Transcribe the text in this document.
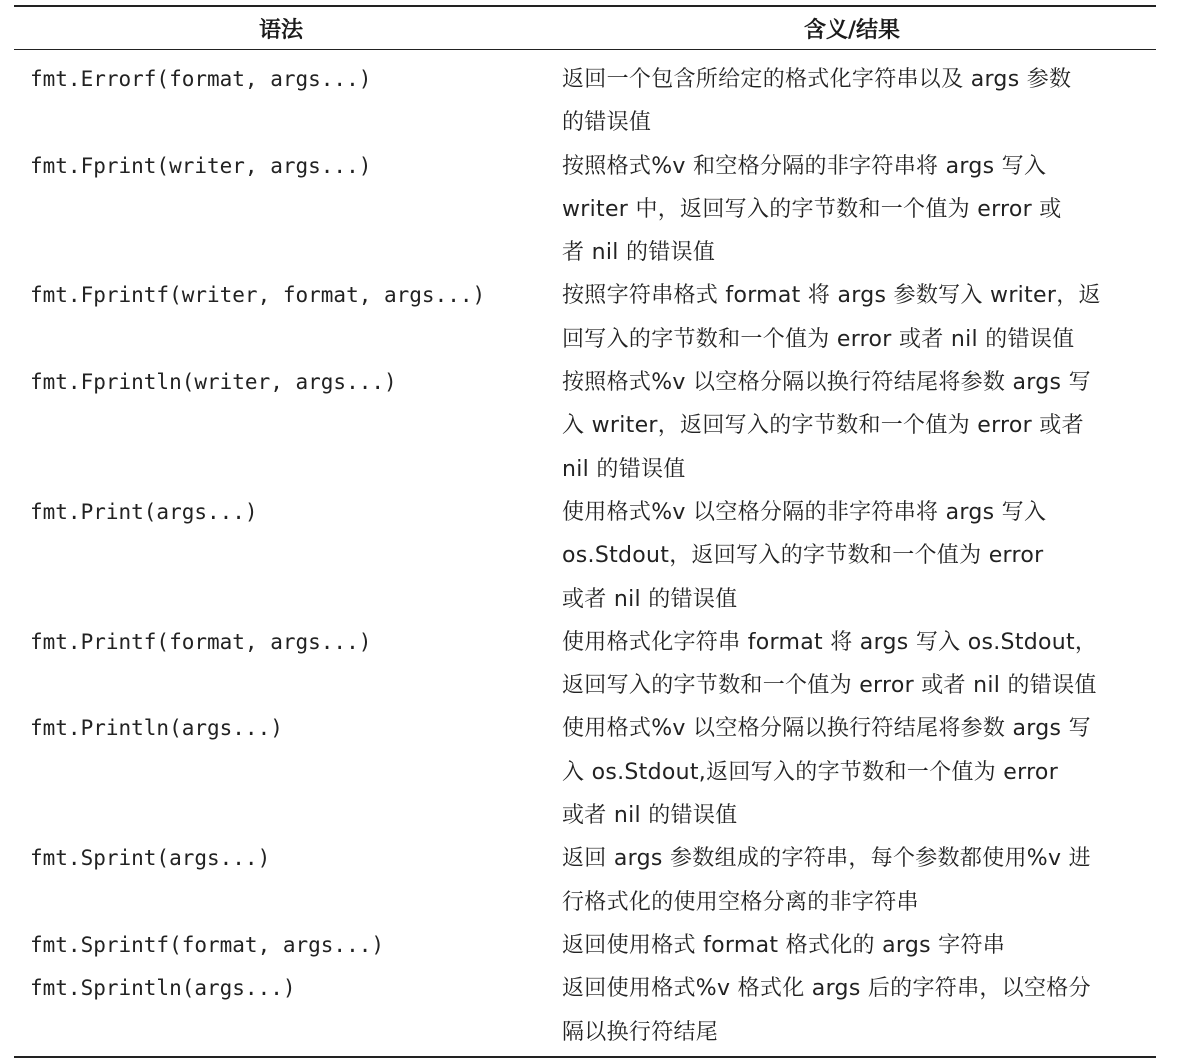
语法	含义/结果
fmt.Errorf(format, args...)	返回一个包含所给定的格式化字符串以及 args 参数
的错误值
fmt.Fprint(writer, args...)	按照格式%v 和空格分隔的非字符串将 args 写入
writer 中，返回写入的字节数和一个值为 error 或
者 nil 的错误值
fmt.Fprintf(writer, format, args...)	按照字符串格式 format 将 args 参数写入 writer，返
回写入的字节数和一个值为 error 或者 nil 的错误值
fmt.Fprintln(writer, args...)	按照格式%v 以空格分隔以换行符结尾将参数 args 写
入 writer，返回写入的字节数和一个值为 error 或者
nil 的错误值
fmt.Print(args...)	使用格式%v 以空格分隔的非字符串将 args 写入
os.Stdout，返回写入的字节数和一个值为 error
或者 nil 的错误值
fmt.Printf(format, args...)	使用格式化字符串 format 将 args 写入 os.Stdout，
返回写入的字节数和一个值为 error 或者 nil 的错误值
fmt.Println(args...)	使用格式%v 以空格分隔以换行符结尾将参数 args 写
入 os.Stdout,返回写入的字节数和一个值为 error
或者 nil 的错误值
fmt.Sprint(args...)	返回 args 参数组成的字符串，每个参数都使用%v 进
行格式化的使用空格分离的非字符串
fmt.Sprintf(format, args...)	返回使用格式 format 格式化的 args 字符串
fmt.Sprintln(args...)	返回使用格式%v 格式化 args 后的字符串，以空格分
隔以换行符结尾
